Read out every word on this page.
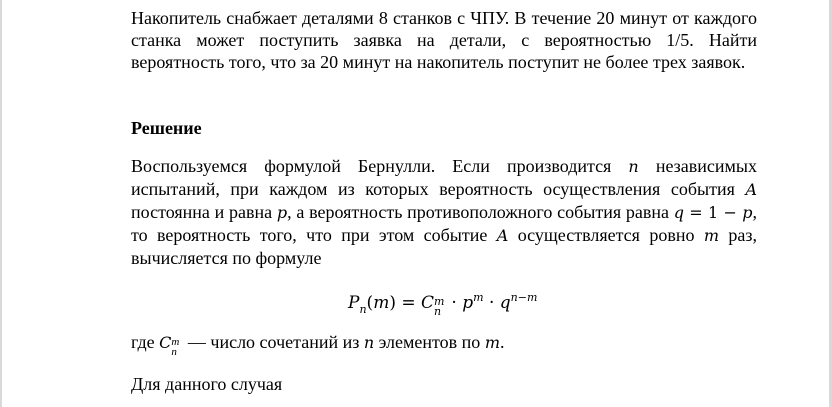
Накопитель снабжает деталями 8 станков с ЧПУ. В течение 20 минут от каждого станка может поступить заявка на детали, с вероятностью 1/5. Найти вероятность того, что за 20 минут на накопитель поступит не более трех заявок.

Решение

Воспользуемся формулой Бернулли. Если производится n независимых испытаний, при каждом из которых вероятность осуществления события A постоянна и равна p, а вероятность противоположного события равна q = 1 − p, то вероятность того, что при этом событие A осуществляется ровно m раз, вычисляется по формуле

$P_n(m) = C$ m
$n \cdot p^m \cdot q^{n-m}$

где C m
n — число сочетаний из n элементов по m.

Для данного случая
